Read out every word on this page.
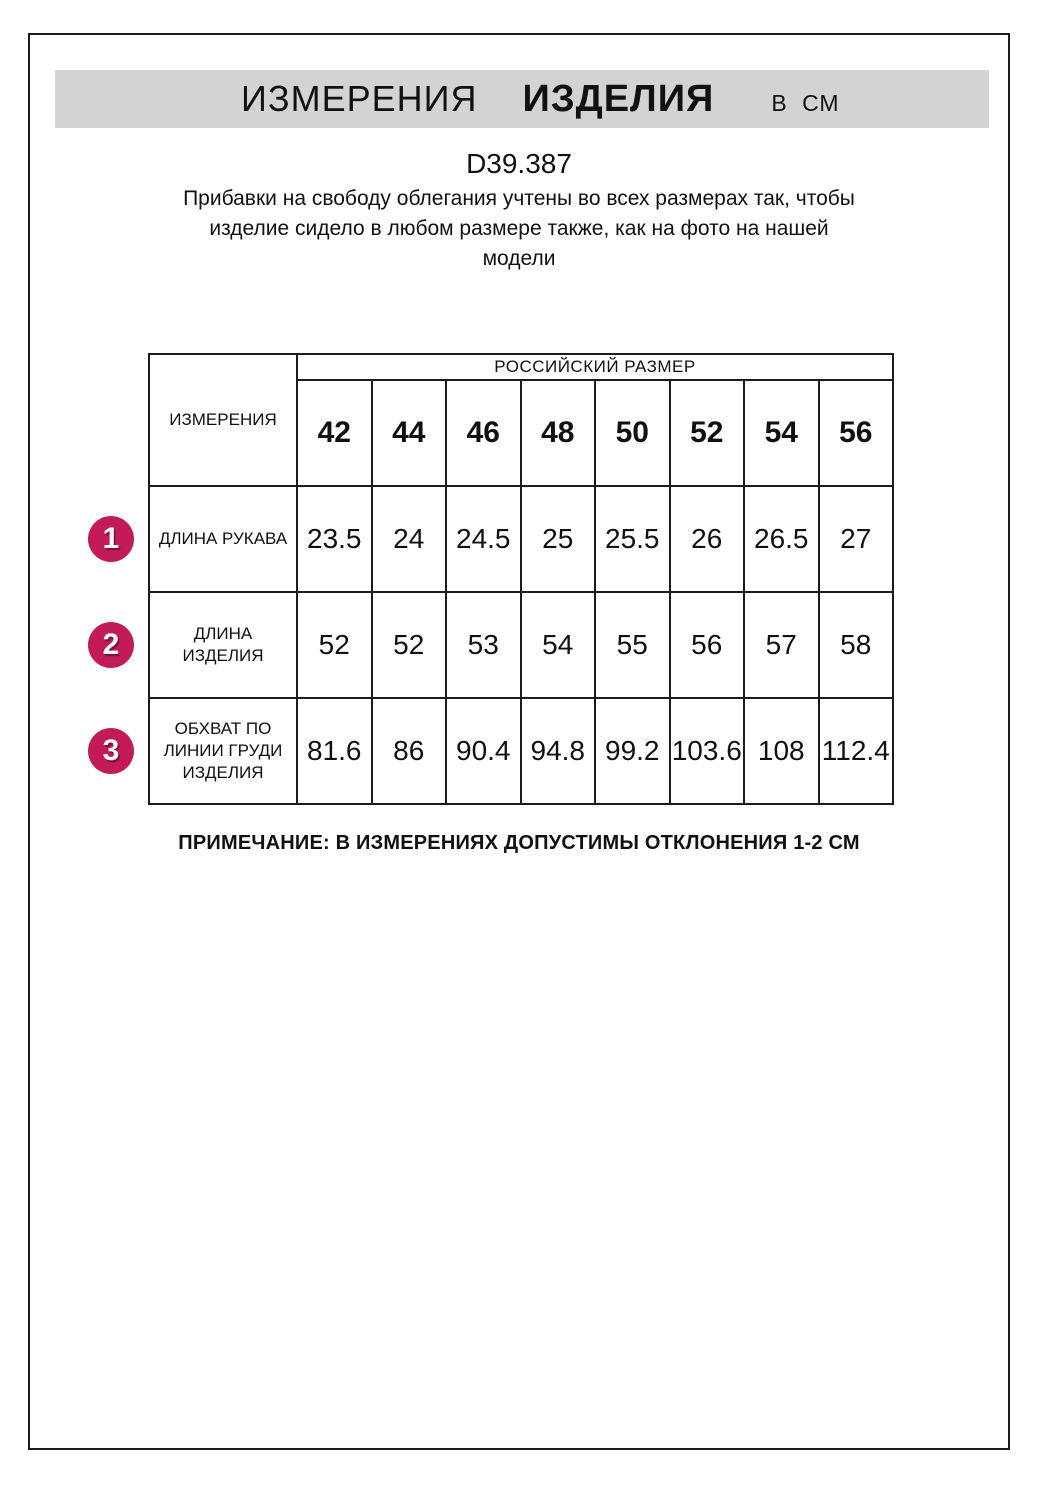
ИЗМЕРЕНИЯ ИЗДЕЛИЯ В СМ
D39.387
Прибавки на свободу облегания учтены во всех размерах так, чтобы
изделие сидело в любом размере также, как на фото на нашей
модели
ИЗМЕРЕНИЯ	РОССИЙСКИЙ РАЗМЕР							
	42	44	46	48	50	52	54	56

1 ДЛИНА РУКАВА	23.5	24	24.5	25	25.5	26	26.5	27

2 ДЛИНА
ИЗДЕЛИЯ	52	52	53	54	55	56	57	58

3
ОБХВАТ ПО
ЛИНИИ ГРУДИ
ИЗДЕЛИЯ	81.6	86	90.4	94.8	99.2	103.6	108	112.4
ПРИМЕЧАНИЕ: В ИЗМЕРЕНИЯХ ДОПУСТИМЫ ОТКЛОНЕНИЯ 1-2 СМ
